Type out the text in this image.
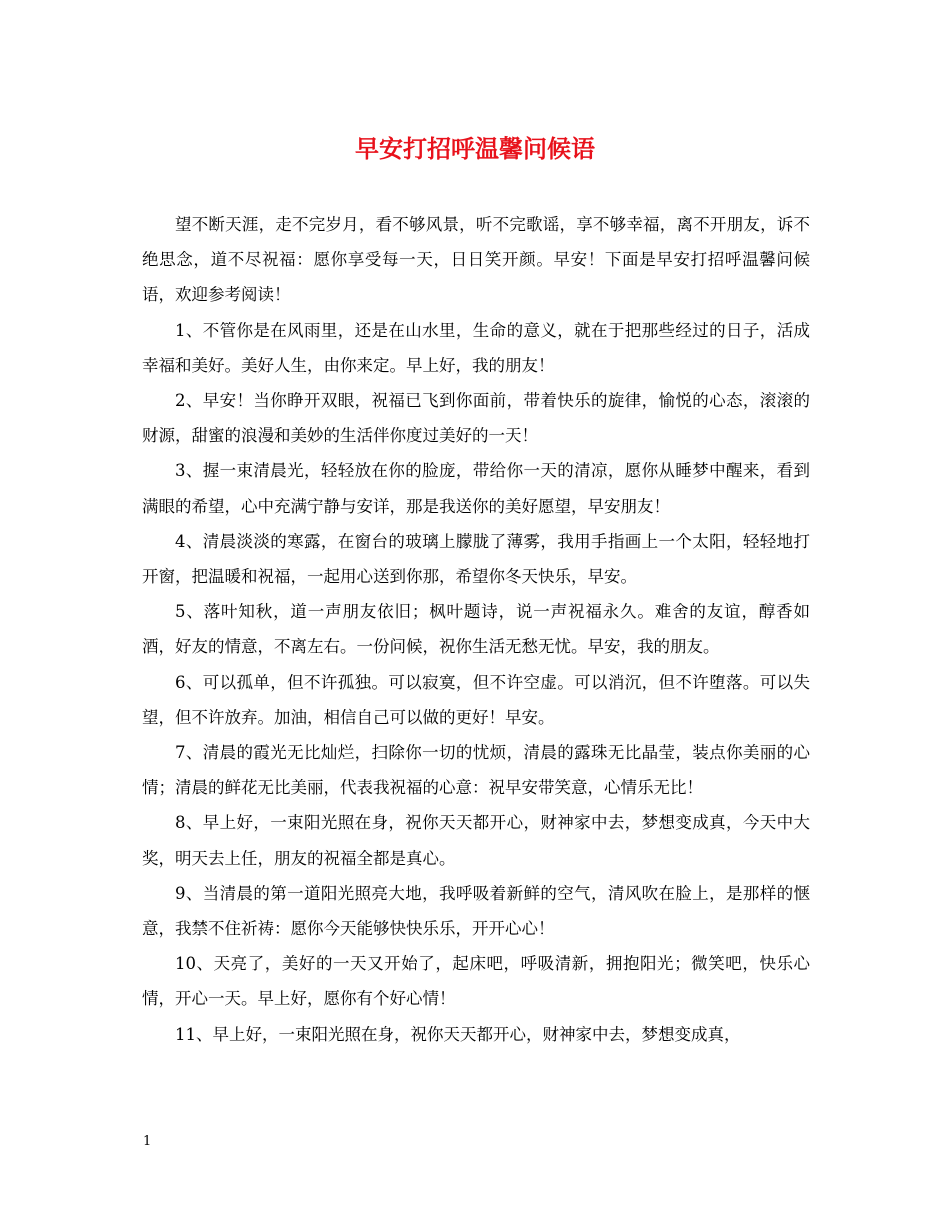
早安打招呼温馨问候语

望不断天涯，走不完岁月，看不够风景，听不完歌谣，享不够幸福，离不开朋友，诉不绝思念，道不尽祝福：愿你享受每一天，日日笑开颜。早安！下面是早安打招呼温馨问候语，欢迎参考阅读！

1、不管你是在风雨里，还是在山水里，生命的意义，就在于把那些经过的日子，活成幸福和美好。美好人生，由你来定。早上好，我的朋友！

2、早安！当你睁开双眼，祝福已飞到你面前，带着快乐的旋律，愉悦的心态，滚滚的财源，甜蜜的浪漫和美妙的生活伴你度过美好的一天！

3、握一束清晨光，轻轻放在你的脸庞，带给你一天的清凉，愿你从睡梦中醒来，看到满眼的希望，心中充满宁静与安详，那是我送你的美好愿望，早安朋友！

4、清晨淡淡的寒露，在窗台的玻璃上朦胧了薄雾，我用手指画上一个太阳，轻轻地打开窗，把温暖和祝福，一起用心送到你那，希望你冬天快乐，早安。

5、落叶知秋，道一声朋友依旧；枫叶题诗，说一声祝福永久。难舍的友谊，醇香如酒，好友的情意，不离左右。一份问候，祝你生活无愁无忧。早安，我的朋友。

6、可以孤单，但不许孤独。可以寂寞，但不许空虚。可以消沉，但不许堕落。可以失望，但不许放弃。加油，相信自己可以做的更好！早安。

7、清晨的霞光无比灿烂，扫除你一切的忧烦，清晨的露珠无比晶莹，装点你美丽的心情；清晨的鲜花无比美丽，代表我祝福的心意：祝早安带笑意，心情乐无比！

8、早上好，一束阳光照在身，祝你天天都开心，财神家中去，梦想变成真，今天中大奖，明天去上任，朋友的祝福全都是真心。

9、当清晨的第一道阳光照亮大地，我呼吸着新鲜的空气，清风吹在脸上，是那样的惬意，我禁不住祈祷：愿你今天能够快快乐乐，开开心心！

10、天亮了，美好的一天又开始了，起床吧，呼吸清新，拥抱阳光；微笑吧，快乐心情，开心一天。早上好，愿你有个好心情！

11、早上好，一束阳光照在身，祝你天天都开心，财神家中去，梦想变成真，

1
